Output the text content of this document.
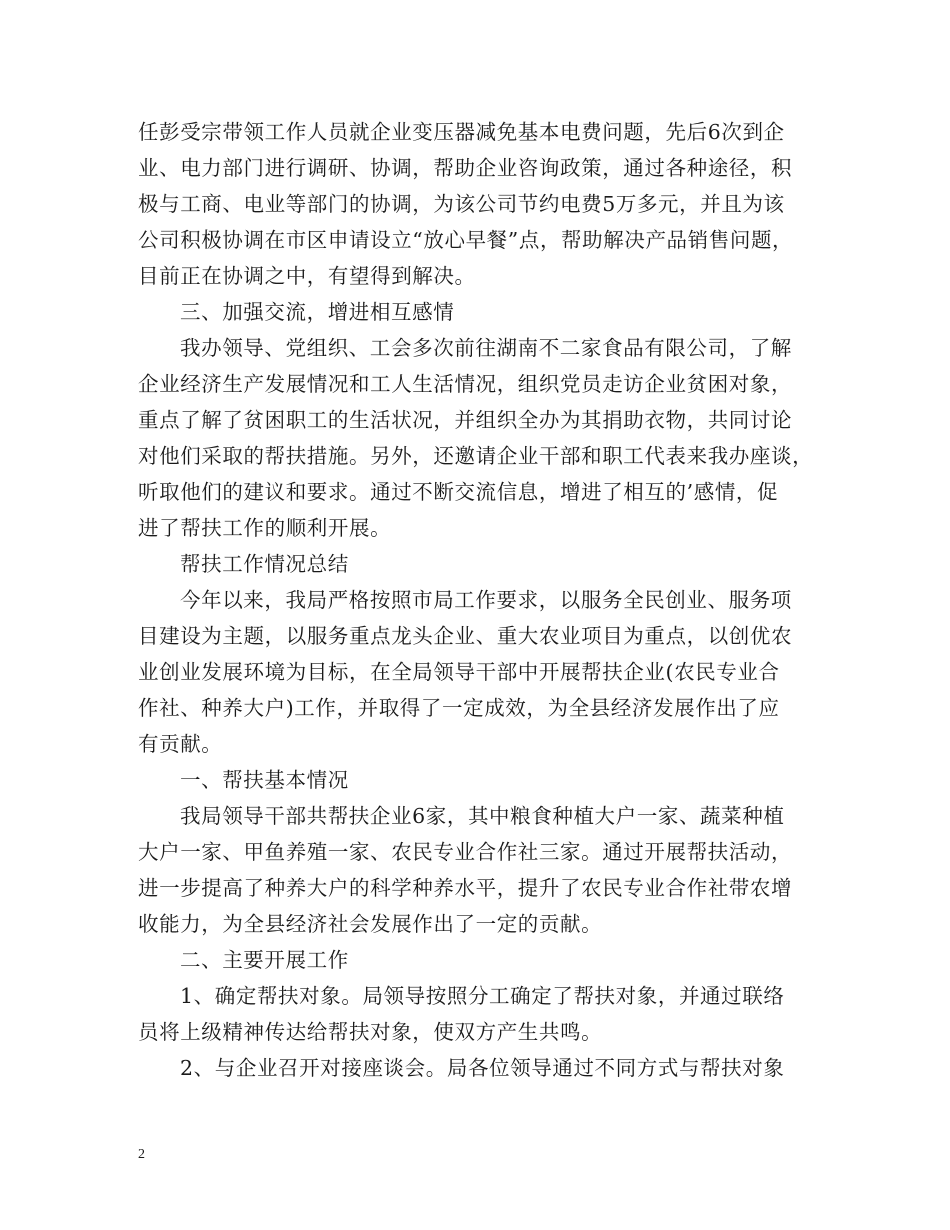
任彭受宗带领工作人员就企业变压器减免基本电费问题，先后6次到企
业、电力部门进行调研、协调，帮助企业咨询政策，通过各种途径，积
极与工商、电业等部门的协调，为该公司节约电费5万多元，并且为该
公司积极协调在市区申请设立“放心早餐”点，帮助解决产品销售问题，
目前正在协调之中，有望得到解决。
三、加强交流，增进相互感情
我办领导、党组织、工会多次前往湖南不二家食品有限公司，了解
企业经济生产发展情况和工人生活情况，组织党员走访企业贫困对象，
重点了解了贫困职工的生活状况，并组织全办为其捐助衣物，共同讨论
对他们采取的帮扶措施。另外，还邀请企业干部和职工代表来我办座谈，
听取他们的建议和要求。通过不断交流信息，增进了相互的’感情，促
进了帮扶工作的顺利开展。
帮扶工作情况总结
今年以来，我局严格按照市局工作要求，以服务全民创业、服务项
目建设为主题，以服务重点龙头企业、重大农业项目为重点，以创优农
业创业发展环境为目标，在全局领导干部中开展帮扶企业(农民专业合
作社、种养大户)工作，并取得了一定成效，为全县经济发展作出了应
有贡献。
一、帮扶基本情况
我局领导干部共帮扶企业6家，其中粮食种植大户一家、蔬菜种植
大户一家、甲鱼养殖一家、农民专业合作社三家。通过开展帮扶活动，
进一步提高了种养大户的科学种养水平，提升了农民专业合作社带农增
收能力，为全县经济社会发展作出了一定的贡献。
二、主要开展工作
1、确定帮扶对象。局领导按照分工确定了帮扶对象，并通过联络
员将上级精神传达给帮扶对象，使双方产生共鸣。
2、与企业召开对接座谈会。局各位领导通过不同方式与帮扶对象
2
